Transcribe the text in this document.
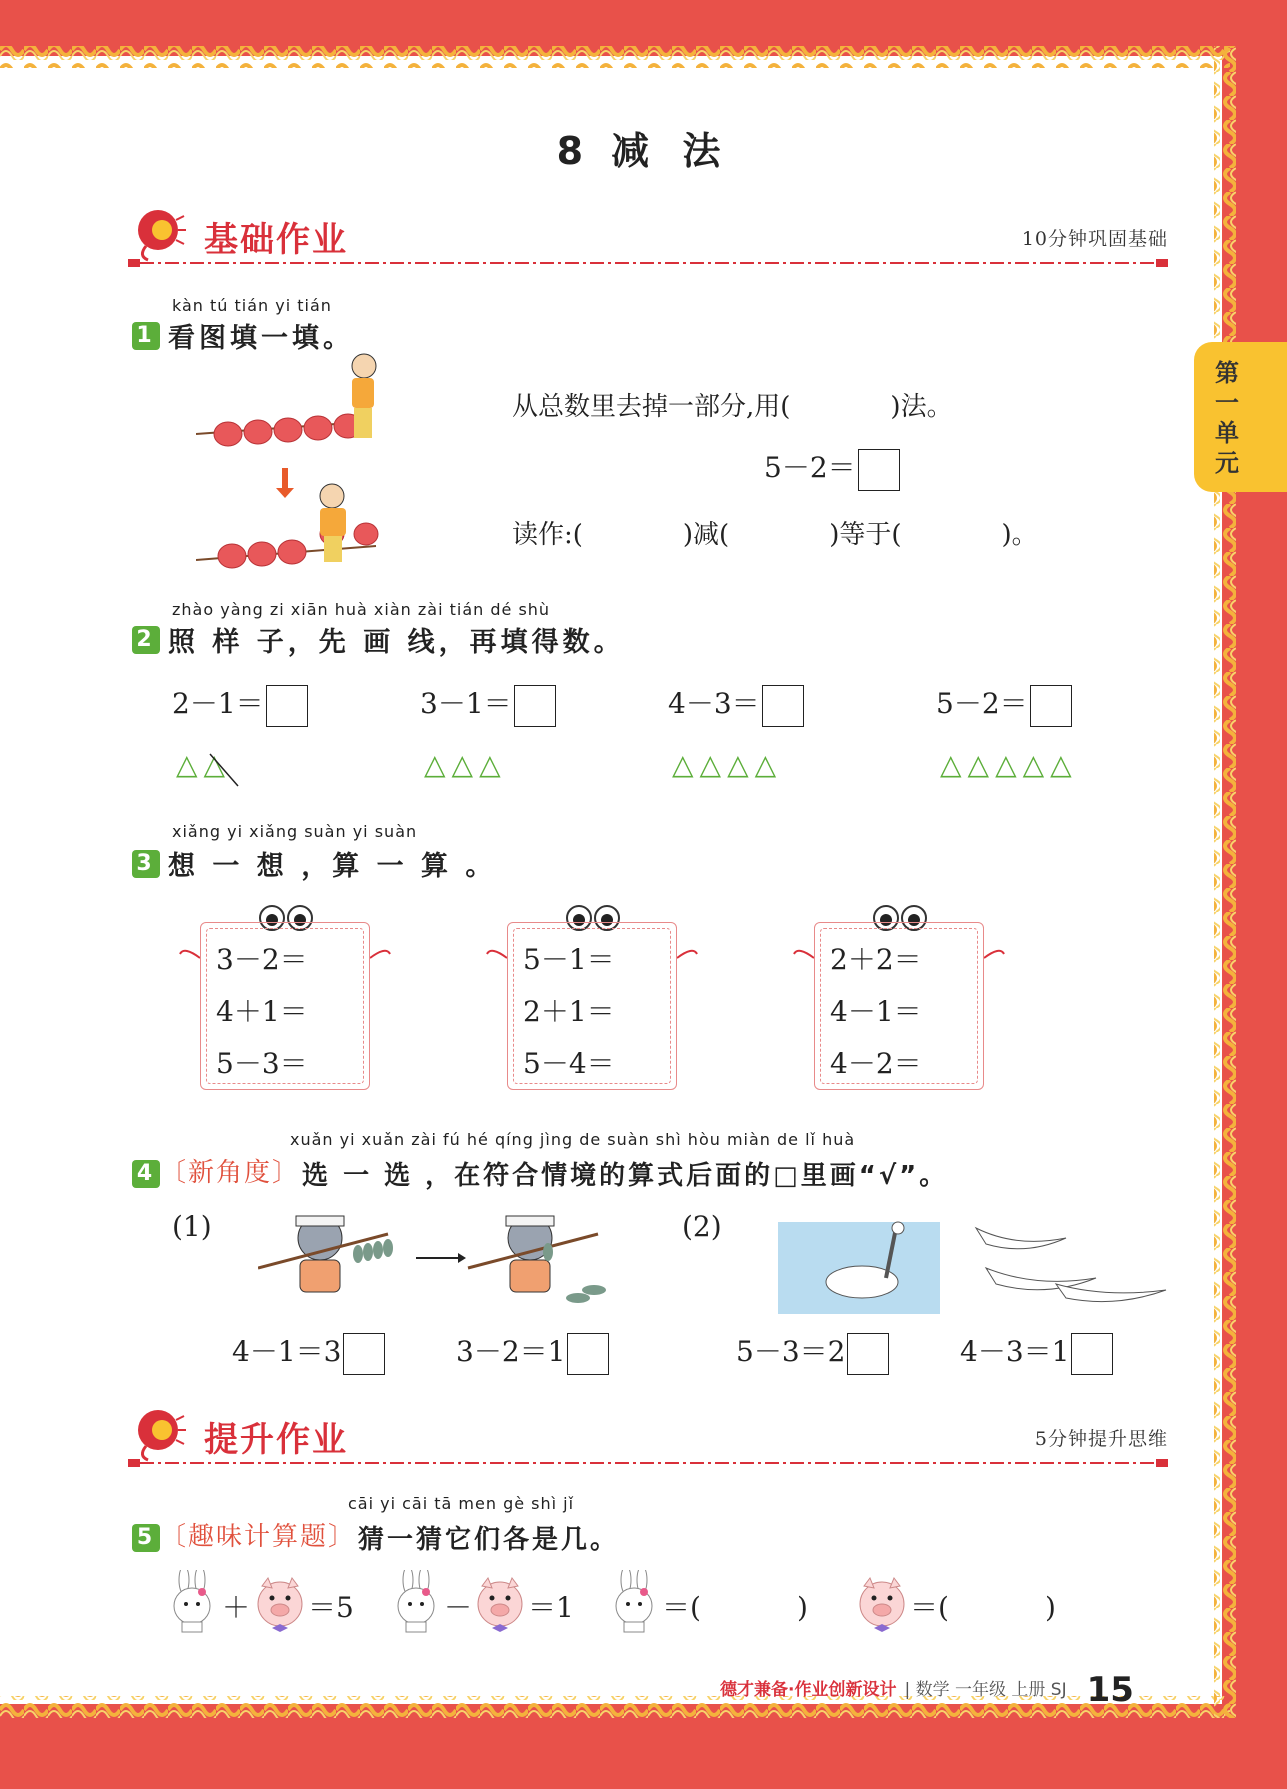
8 减 法
第一单元
基础作业	10分钟巩固基础
kàn tú tián yi tián
1 看图填一填。
从总数里去掉一部分,用(	)法。
5－2＝
读作:(	)减(	)等于(	)。
zhào yàng zi xiān huà xiàn zài tián dé shù
2 照 样 子，先 画 线，再填得数。
2－1＝	3－1＝	4－3＝	5－2＝
△△	△△△	△△△△	△△△△△
xiǎng yi xiǎng suàn yi suàn
3 想 一 想 ，算 一 算 。
3－2＝
4＋1＝
5－3＝
5－1＝
2＋1＝
5－4＝
2＋2＝
4－1＝
4－2＝
xuǎn yi xuǎn zài fú hé qíng jìng de suàn shì hòu miàn de lǐ huà
4 〔新角度〕选 一 选 ，在符合情境的算式后面的□里画“√”。
(1)	(2)
4－1＝3	3－2＝1	5－3＝2	4－3＝1
提升作业	5分钟提升思维
cāi yi cāi tā men gè shì jǐ
5 〔趣味计算题〕猜一猜它们各是几。
＋ ＝5	－ ＝1	＝(	)	＝(	)
德才兼备·作业创新设计 | 数学 一年级 上册 SJ 15
